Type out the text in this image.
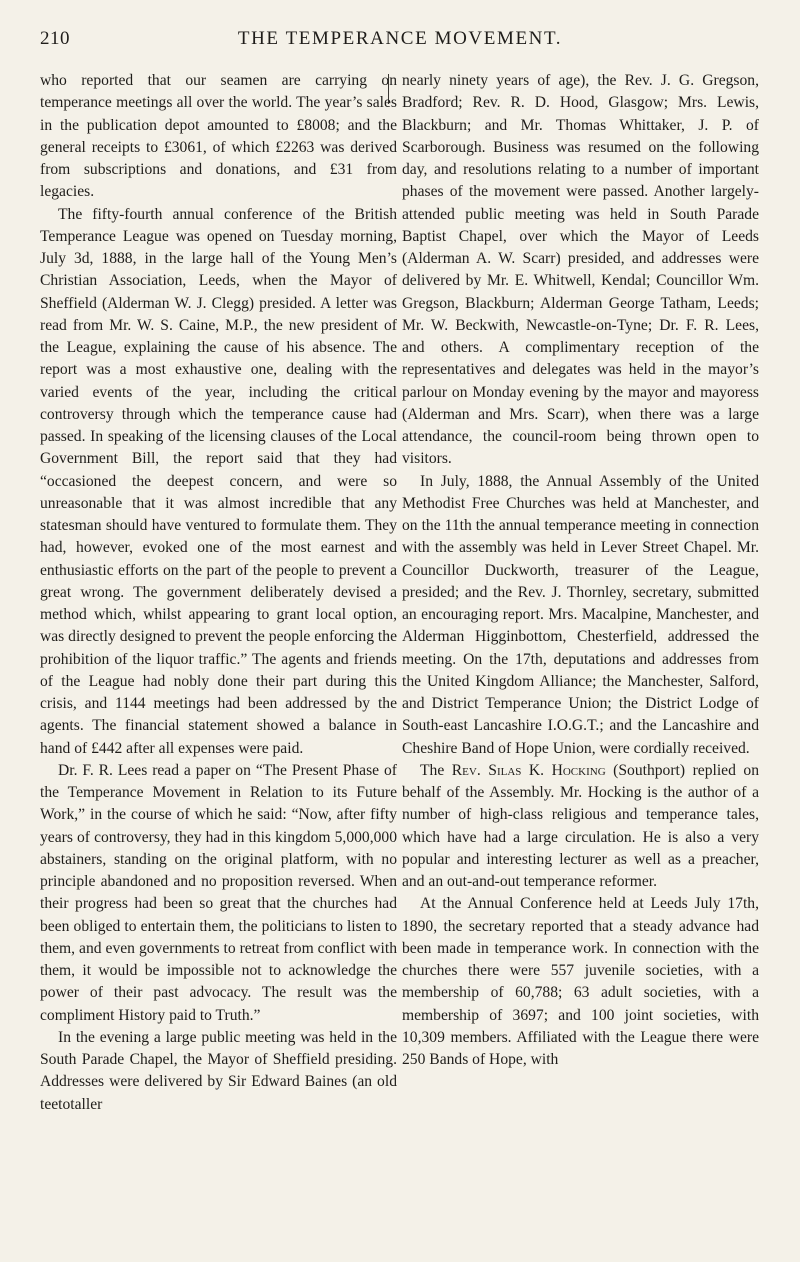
210	THE TEMPERANCE MOVEMENT.

who reported that our seamen are carrying on temperance meetings all over the world. The year’s sales in the publication depot amounted to £8008; and the general receipts to £3061, of which £2263 was derived from subscriptions and donations, and £31 from legacies.

The fifty-fourth annual conference of the British Temperance League was opened on Tuesday morning, July 3d, 1888, in the large hall of the Young Men’s Christian Association, Leeds, when the Mayor of Sheffield (Alderman W. J. Clegg) presided. A letter was read from Mr. W. S. Caine, M.P., the new president of the League, explaining the cause of his absence. The report was a most exhaustive one, dealing with the varied events of the year, including the critical controversy through which the temperance cause had passed. In speaking of the licensing clauses of the Local Government Bill, the report said that they had “occasioned the deepest concern, and were so unreasonable that it was almost incredible that any statesman should have ventured to formulate them. They had, however, evoked one of the most earnest and enthusiastic efforts on the part of the people to prevent a great wrong. The government deliberately devised a method which, whilst appearing to grant local option, was directly designed to prevent the people enforcing the prohibition of the liquor traffic.” The agents and friends of the League had nobly done their part during this crisis, and 1144 meetings had been addressed by the agents. The financial statement showed a balance in hand of £442 after all expenses were paid.

Dr. F. R. Lees read a paper on “The Present Phase of the Temperance Movement in Relation to its Future Work,” in the course of which he said: “Now, after fifty years of controversy, they had in this kingdom 5,000,000 abstainers, standing on the original platform, with no principle abandoned and no proposition reversed. When their progress had been so great that the churches had been obliged to entertain them, the politicians to listen to them, and even governments to retreat from conflict with them, it would be impossible not to acknowledge the power of their past advocacy. The result was the compliment History paid to Truth.”

In the evening a large public meeting was held in the South Parade Chapel, the Mayor of Sheffield presiding. Addresses were delivered by Sir Edward Baines (an old teetotaller

nearly ninety years of age), the Rev. J. G. Gregson, Bradford; Rev. R. D. Hood, Glasgow; Mrs. Lewis, Blackburn; and Mr. Thomas Whittaker, J. P. of Scarborough. Business was resumed on the following day, and resolutions relating to a number of important phases of the movement were passed. Another largely-attended public meeting was held in South Parade Baptist Chapel, over which the Mayor of Leeds (Alderman A. W. Scarr) presided, and addresses were delivered by Mr. E. Whitwell, Kendal; Councillor Wm. Gregson, Blackburn; Alderman George Tatham, Leeds; Mr. W. Beckwith, Newcastle-on-Tyne; Dr. F. R. Lees, and others. A complimentary reception of the representatives and delegates was held in the mayor’s parlour on Monday evening by the mayor and mayoress (Alderman and Mrs. Scarr), when there was a large attendance, the council-room being thrown open to visitors.

In July, 1888, the Annual Assembly of the United Methodist Free Churches was held at Manchester, and on the 11th the annual temperance meeting in connection with the assembly was held in Lever Street Chapel. Mr. Councillor Duckworth, treasurer of the League, presided; and the Rev. J. Thornley, secretary, submitted an encouraging report. Mrs. Macalpine, Manchester, and Alderman Higginbottom, Chesterfield, addressed the meeting. On the 17th, deputations and addresses from the United Kingdom Alliance; the Manchester, Salford, and District Temperance Union; the District Lodge of South-east Lancashire I.O.G.T.; and the Lancashire and Cheshire Band of Hope Union, were cordially received.

The Rev. Silas K. Hocking (Southport) replied on behalf of the Assembly. Mr. Hocking is the author of a number of high-class religious and temperance tales, which have had a large circulation. He is also a very popular and interesting lecturer as well as a preacher, and an out-and-out temperance reformer.

At the Annual Conference held at Leeds July 17th, 1890, the secretary reported that a steady advance had been made in temperance work. In connection with the churches there were 557 juvenile societies, with a membership of 60,788; 63 adult societies, with a membership of 3697; and 100 joint societies, with 10,309 members. Affiliated with the League there were 250 Bands of Hope, with
